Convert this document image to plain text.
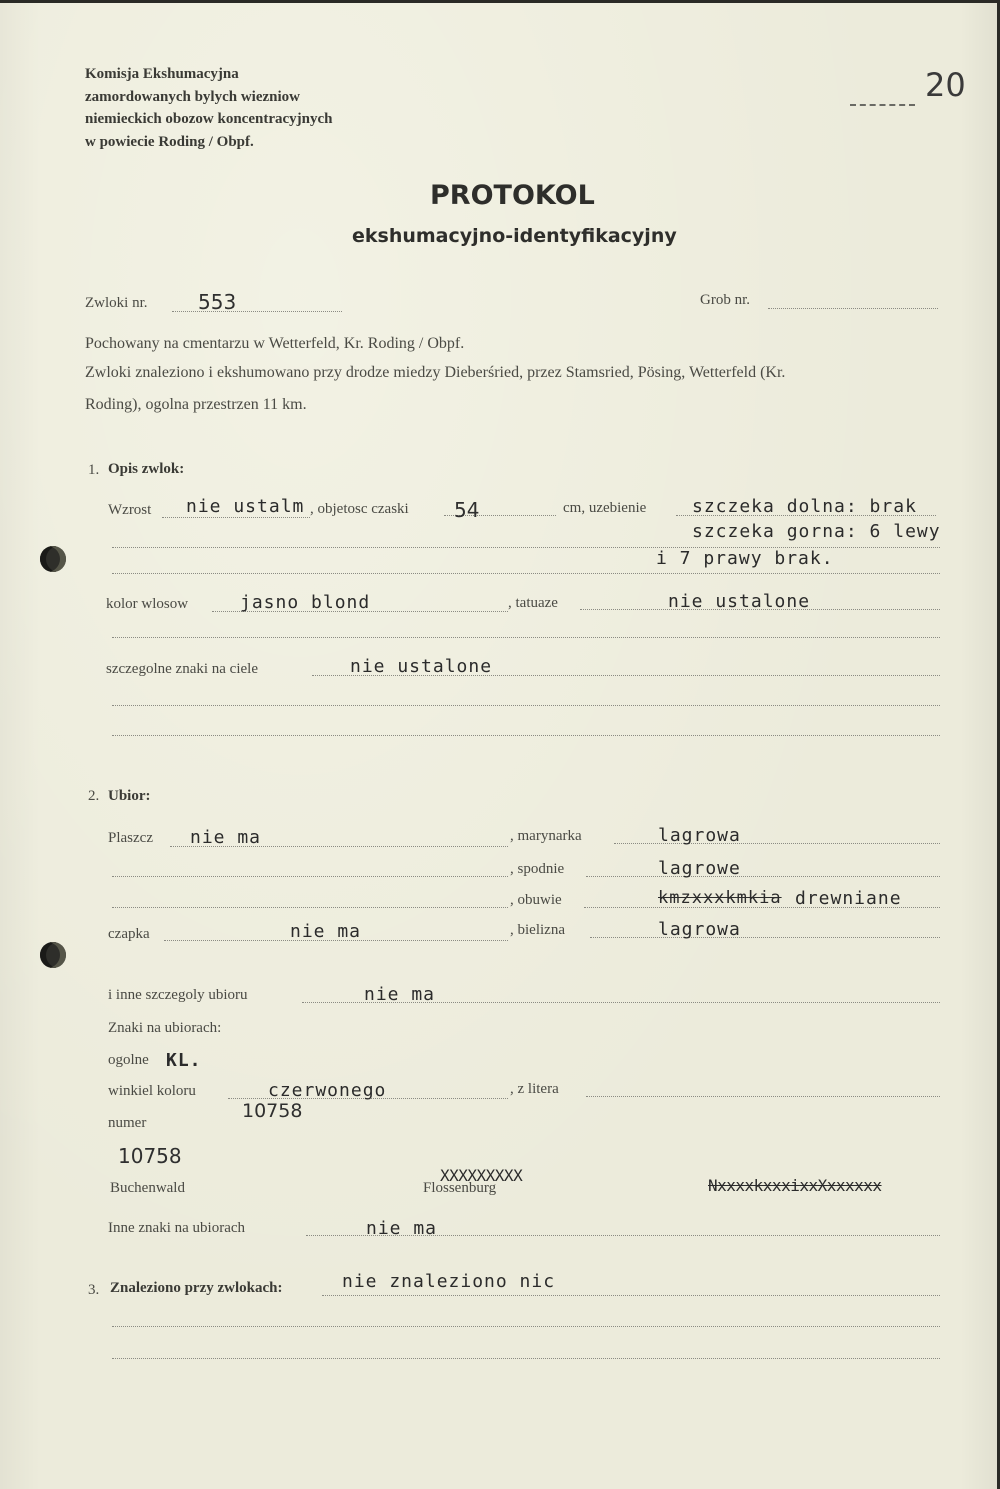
Komisja Ekshumacyjna
zamordowanych bylych wiezniow
niemieckich obozow koncentracyjnych
w powiecie Roding / Obpf.
20
PROTOKOL
ekshumacyjno-identyfikacyjny
Zwloki nr.	553	Grob nr.
Pochowany na cmentarzu w Wetterfeld, Kr. Roding / Obpf.
Zwloki znaleziono i ekshumowano przy drodze miedzy Dieberśried, przez Stamsried, Pösing, Wetterfeld (Kr.
Roding), ogolna przestrzen 11 km.
1. Opis zwlok:
Wzrost nie ustalm , objetosc czaski 54	cm, uzebienie	szczeka dolna: brak
szczeka gorna: 6 lewy
i 7 prawy brak.
kolor wlosow	jasno blond	, tatuaze	nie ustalone
szczegolne znaki na ciele	nie ustalone
2. Ubior:
Plaszcz nie ma	, marynarka	lagrowa
, spodnie	lagrowe
, obuwie	kmzxxxkmkia drewniane
czapka	nie ma	, bielizna	lagrowa
i inne szczegoly ubioru	nie ma
Znaki na ubiorach:
ogolne KL.
winkiel koloru	czerwonego	, z litera
10758
numer
10758
Buchenwald	Flossenburg
XXXXXXXXX
NxxxxkxxxixxXxxxxxx
Inne znaki na ubiorach	nie ma
3. Znaleziono przy zwlokach:	nie znaleziono nic
